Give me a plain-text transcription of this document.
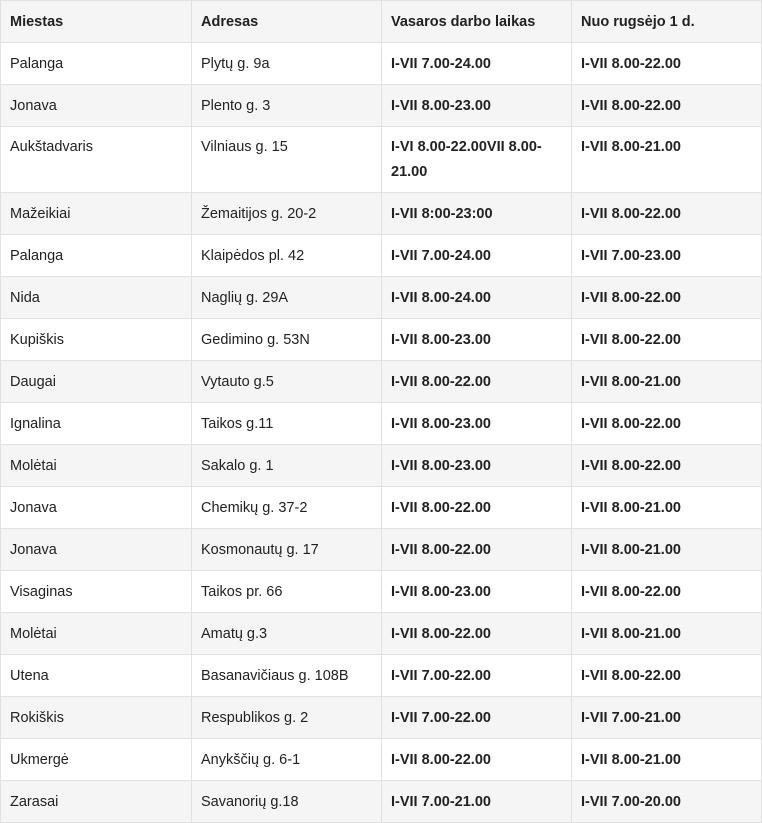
Miestas	Adresas	Vasaros darbo laikas	Nuo rugsėjo 1 d.
Palanga	Plytų g. 9a	I-VII 7.00-24.00	I-VII 8.00-22.00
Jonava	Plento g. 3	I-VII 8.00-23.00	I-VII 8.00-22.00
Aukštadvaris	Vilniaus g. 15	I-VI 8.00-22.00VII 8.00-21.00	I-VII 8.00-21.00
Mažeikiai	Žemaitijos g. 20-2	I-VII 8:00-23:00	I-VII 8.00-22.00
Palanga	Klaipėdos pl. 42	I-VII 7.00-24.00	I-VII 7.00-23.00
Nida	Naglių g. 29A	I-VII 8.00-24.00	I-VII 8.00-22.00
Kupiškis	Gedimino g. 53N	I-VII 8.00-23.00	I-VII 8.00-22.00
Daugai	Vytauto g.5	I-VII 8.00-22.00	I-VII 8.00-21.00
Ignalina	Taikos g.11	I-VII 8.00-23.00	I-VII 8.00-22.00
Molėtai	Sakalo g. 1	I-VII 8.00-23.00	I-VII 8.00-22.00
Jonava	Chemikų g. 37-2	I-VII 8.00-22.00	I-VII 8.00-21.00
Jonava	Kosmonautų g. 17	I-VII 8.00-22.00	I-VII 8.00-21.00
Visaginas	Taikos pr. 66	I-VII 8.00-23.00	I-VII 8.00-22.00
Molėtai	Amatų g.3	I-VII 8.00-22.00	I-VII 8.00-21.00
Utena	Basanavičiaus g. 108B	I-VII 7.00-22.00	I-VII 8.00-22.00
Rokiškis	Respublikos g. 2	I-VII 7.00-22.00	I-VII 7.00-21.00
Ukmergė	Anykščių g. 6-1	I-VII 8.00-22.00	I-VII 8.00-21.00
Zarasai	Savanorių g.18	I-VII 7.00-21.00	I-VII 7.00-20.00
